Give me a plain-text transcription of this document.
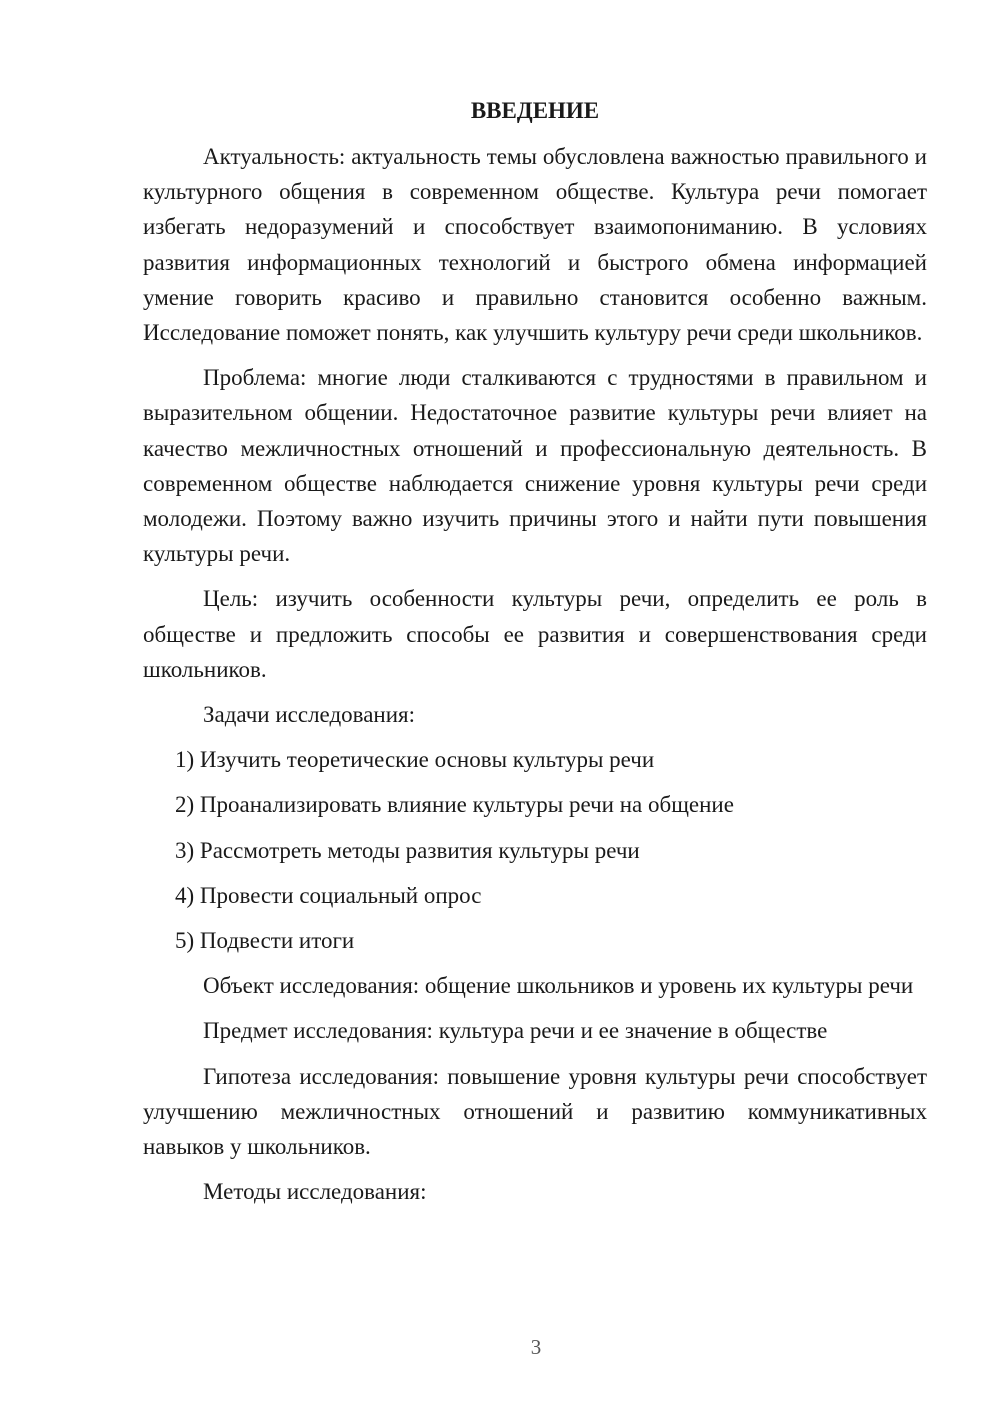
ВВЕДЕНИЕ

Актуальность: актуальность темы обусловлена важностью правильного и культурного общения в современном обществе. Культура речи помогает избегать недоразумений и способствует взаимопониманию. В условиях развития информационных технологий и быстрого обмена информацией умение говорить красиво и правильно становится особенно важным. Исследование поможет понять, как улучшить культуру речи среди школьников.

Проблема: многие люди сталкиваются с трудностями в правильном и выразительном общении. Недостаточное развитие культуры речи влияет на качество межличностных отношений и профессиональную деятельность. В современном обществе наблюдается снижение уровня культуры речи среди молодежи. Поэтому важно изучить причины этого и найти пути повышения культуры речи.

Цель: изучить особенности культуры речи, определить ее роль в обществе и предложить способы ее развития и совершенствования среди школьников.

Задачи исследования:

1) Изучить теоретические основы культуры речи

2) Проанализировать влияние культуры речи на общение

3) Рассмотреть методы развития культуры речи

4) Провести социальный опрос

5) Подвести итоги

Объект исследования: общение школьников и уровень их культуры речи

Предмет исследования: культура речи и ее значение в обществе

Гипотеза исследования: повышение уровня культуры речи способствует улучшению межличностных отношений и развитию коммуникативных навыков у школьников.

Методы исследования:

3
